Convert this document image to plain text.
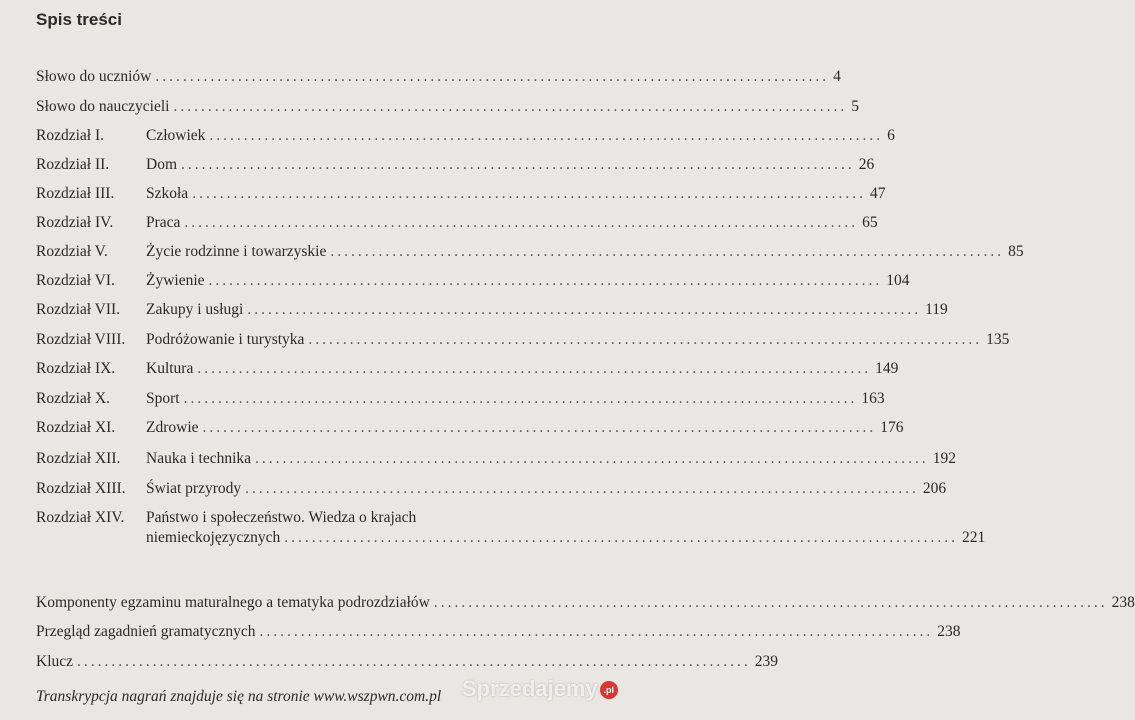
Spis treści
Słowo do uczniów .................................................................................................. 4
Słowo do nauczycieli .................................................................................................. 5
Rozdział I.	Człowiek .................................................................................................. 6
Rozdział II.	Dom .................................................................................................. 26
Rozdział III.	Szkoła .................................................................................................. 47
Rozdział IV.	Praca .................................................................................................. 65
Rozdział V.	Życie rodzinne i towarzyskie .................................................................................................. 85
Rozdział VI.	Żywienie .................................................................................................. 104
Rozdział VII.	Zakupy i usługi .................................................................................................. 119
Rozdział VIII.	Podróżowanie i turystyka .................................................................................................. 135
Rozdział IX.	Kultura .................................................................................................. 149
Rozdział X.	Sport .................................................................................................. 163
Rozdział XI.	Zdrowie .................................................................................................. 176
Rozdział XII.	Nauka i technika .................................................................................................. 192
Rozdział XIII.	Świat przyrody .................................................................................................. 206
Rozdział XIV.	Państwo i społeczeństwo. Wiedza o krajach
niemieckojęzycznych .................................................................................................. 221
Komponenty egzaminu maturalnego a tematyka podrozdziałów .................................................................................................. 238
Przegląd zagadnień gramatycznych .................................................................................................. 238
Klucz .................................................................................................. 239
Transkrypcja nagrań znajduje się na stronie www.wszpwn.com.pl Sprzedajemy .pl
